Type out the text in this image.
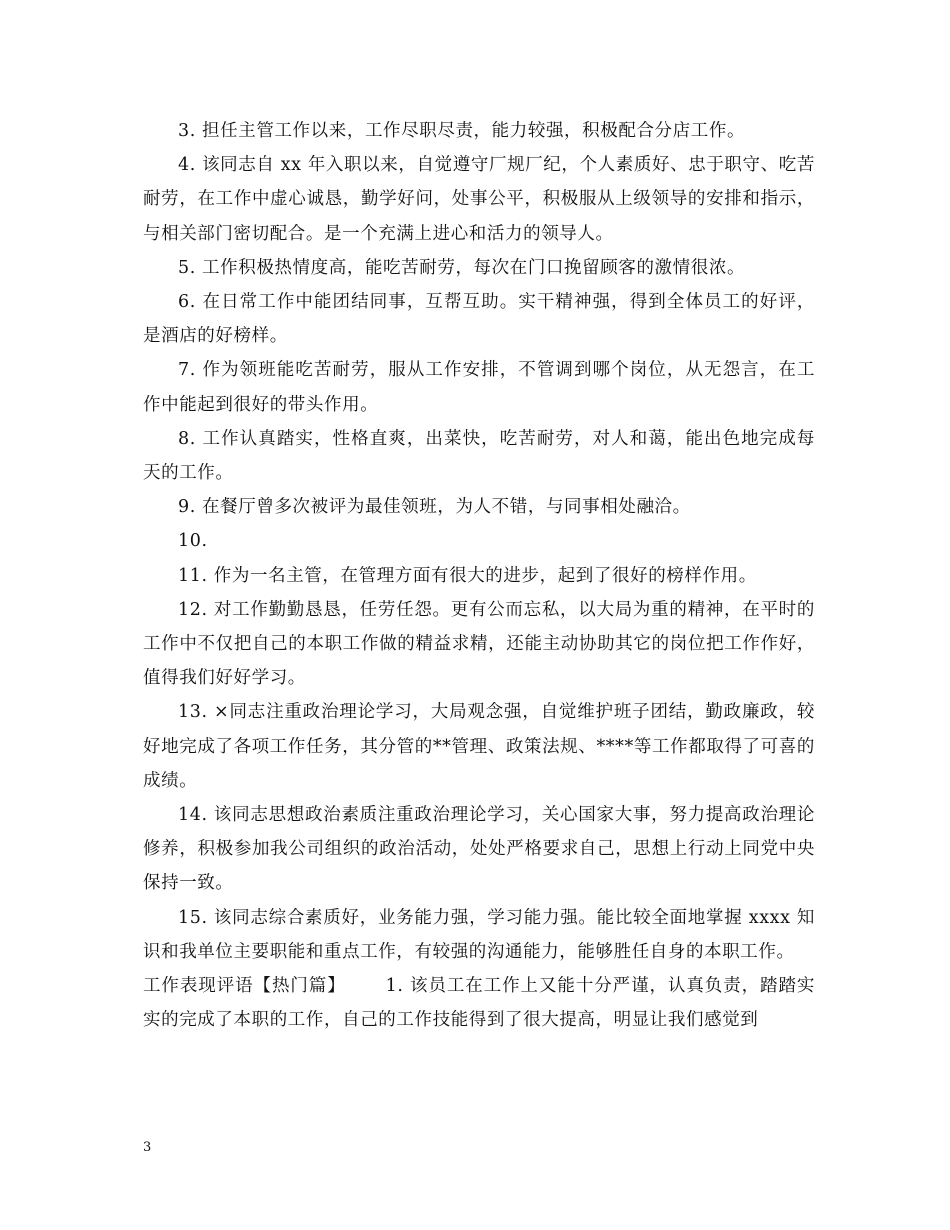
3. 担任主管工作以来，工作尽职尽责，能力较强，积极配合分店工作。

4. 该同志自 xx 年入职以来，自觉遵守厂规厂纪，个人素质好、忠于职守、吃苦耐劳，在工作中虚心诚恳，勤学好问，处事公平，积极服从上级领导的安排和指示，与相关部门密切配合。是一个充满上进心和活力的领导人。

5. 工作积极热情度高，能吃苦耐劳，每次在门口挽留顾客的激情很浓。

6. 在日常工作中能团结同事，互帮互助。实干精神强，得到全体员工的好评，是酒店的好榜样。

7. 作为领班能吃苦耐劳，服从工作安排，不管调到哪个岗位，从无怨言，在工作中能起到很好的带头作用。

8. 工作认真踏实，性格直爽，出菜快，吃苦耐劳，对人和蔼，能出色地完成每天的工作。

9. 在餐厅曾多次被评为最佳领班，为人不错，与同事相处融洽。

10.

11. 作为一名主管，在管理方面有很大的进步，起到了很好的榜样作用。

12. 对工作勤勤恳恳，任劳任怨。更有公而忘私，以大局为重的精神，在平时的工作中不仅把自己的本职工作做的精益求精，还能主动协助其它的岗位把工作作好，值得我们好好学习。

13. ×同志注重政治理论学习，大局观念强，自觉维护班子团结，勤政廉政，较好地完成了各项工作任务，其分管的**管理、政策法规、****等工作都取得了可喜的成绩。

14. 该同志思想政治素质注重政治理论学习，关心国家大事，努力提高政治理论修养，积极参加我公司组织的政治活动，处处严格要求自己，思想上行动上同党中央保持一致。

15. 该同志综合素质好，业务能力强，学习能力强。能比较全面地掌握 xxxx 知识和我单位主要职能和重点工作，有较强的沟通能力，能够胜任自身的本职工作。

工作表现评语【热门篇】 1. 该员工在工作上又能十分严谨，认真负责，踏踏实实的完成了本职的工作，自己的工作技能得到了很大提高，明显让我们感觉到

3
